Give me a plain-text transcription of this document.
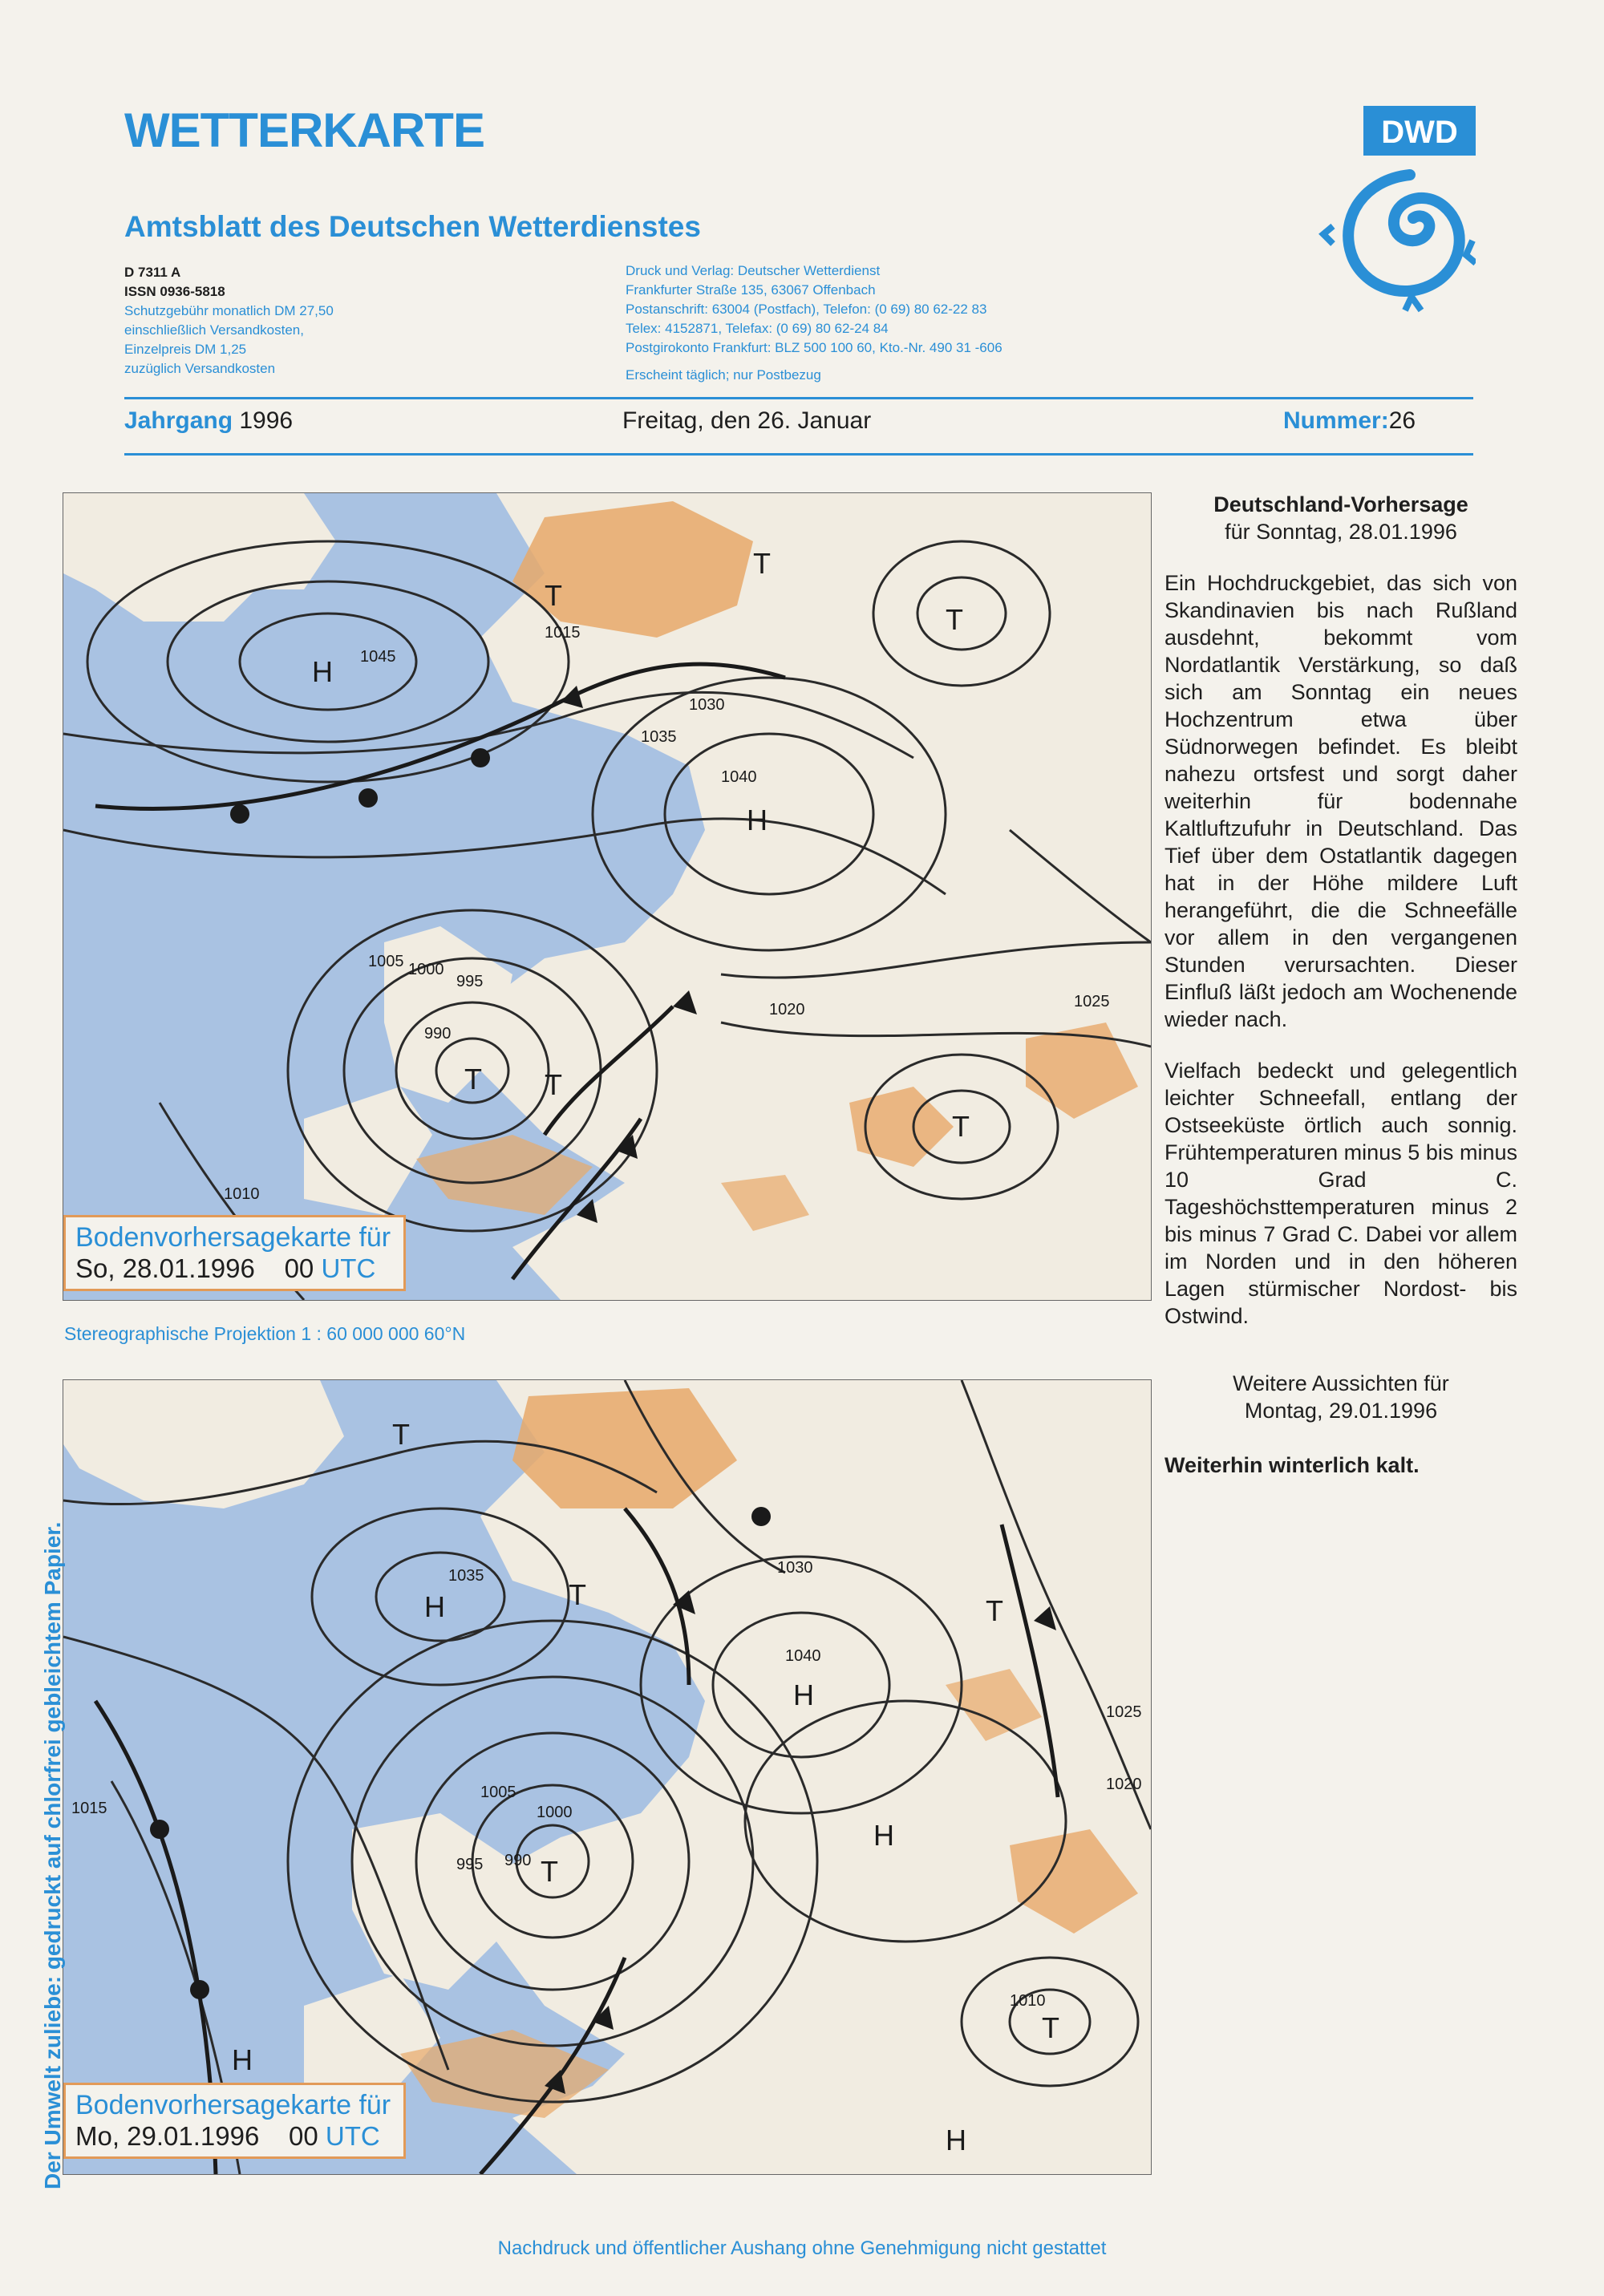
WETTERKARTE
Amtsblatt des Deutschen Wetterdienstes
D 7311 A
ISSN 0936-5818
Schutzgebühr monatlich DM 27,50
einschließlich Versandkosten,
Einzelpreis DM 1,25
zuzüglich Versandkosten
Druck und Verlag: Deutscher Wetterdienst
Frankfurter Straße 135, 63067 Offenbach
Postanschrift: 63004 (Postfach), Telefon: (0 69) 80 62-22 83
Telex: 4152871, Telefax: (0 69) 80 62-24 84
Postgirokonto Frankfurt: BLZ 500 100 60, Kto.-Nr. 490 31 -606
Erscheint täglich; nur Postbezug
DWD
Jahrgang 1996	Freitag, den 26. Januar	Nummer:26
H
H
T
T
T
T
T
T
1015
1030
1035
1040
1045
1020
1010
1005 1000
995
990
1025
Bodenvorhersagekarte für
So, 28.01.1996 00 UTC
Stereographische Projektion 1 : 60 000 000 60°N
H
H
H
H
H
T
T
T
T
T
1035
1040
1030
1025
1020
1015
1010
1005
1000
995 990
Bodenvorhersagekarte für
Mo, 29.01.1996 00 UTC
Deutschland-Vorhersage
für Sonntag, 28.01.1996

Ein Hochdruckgebiet, das sich von Skandinavien bis nach Rußland ausdehnt, bekommt vom Nordatlantik Verstärkung, so daß sich am Sonntag ein neues Hochzentrum etwa über Südnorwegen befindet. Es bleibt nahezu ortsfest und sorgt daher weiterhin für bodennahe Kaltluftzufuhr in Deutschland. Das Tief über dem Ostatlantik dagegen hat in der Höhe mildere Luft herangeführt, die die Schneefälle vor allem in den vergangenen Stunden verursachten. Dieser Einfluß läßt jedoch am Wochenende wieder nach.

Vielfach bedeckt und gelegentlich leichter Schneefall, entlang der Ostseeküste örtlich auch sonnig. Frühtemperaturen minus 5 bis minus 10 Grad C. Tageshöchsttemperaturen minus 2 bis minus 7 Grad C. Dabei vor allem im Norden und in den höheren Lagen stürmischer Nordost- bis Ostwind.

Weitere Aussichten für
Montag, 29.01.1996
Weiterhin winterlich kalt.
Der Umwelt zuliebe: gedruckt auf chlorfrei gebleichtem Papier.
Nachdruck und öffentlicher Aushang ohne Genehmigung nicht gestattet
